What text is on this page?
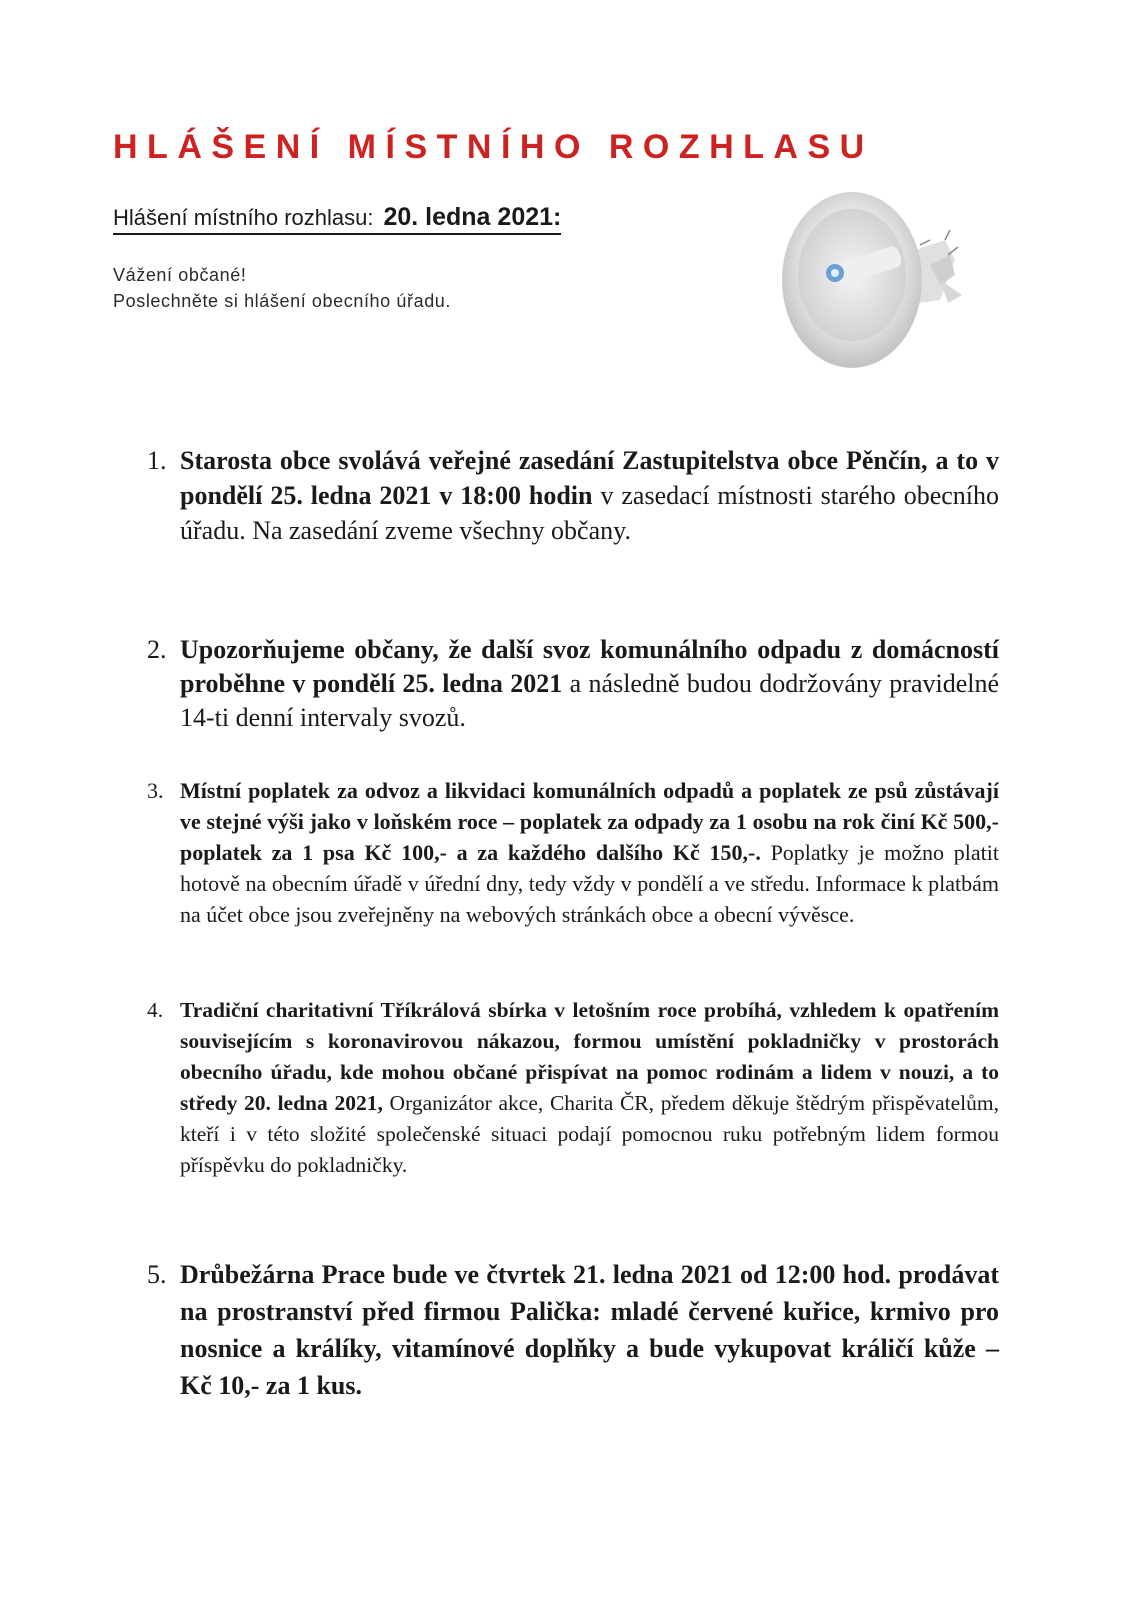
HLÁŠENÍ MÍSTNÍHO ROZHLASU
Hlášení místního rozhlasu: 20. ledna 2021:
Vážení občané!
Poslechněte si hlášení obecního úřadu.
1. Starosta obce svolává veřejné zasedání Zastupitelstva obce Pěnčín, a to v pondělí 25. ledna 2021 v 18:00 hodin v zasedací místnosti starého obecního úřadu. Na zasedání zveme všechny občany.
2. Upozorňujeme občany, že další svoz komunálního odpadu z domácností proběhne v pondělí 25. ledna 2021 a následně budou dodržovány pravidelné 14-ti denní intervaly svozů.
3. Místní poplatek za odvoz a likvidaci komunálních odpadů a poplatek ze psů zůstávají ve stejné výši jako v loňském roce – poplatek za odpady za 1 osobu na rok činí Kč 500,- poplatek za 1 psa Kč 100,- a za každého dalšího Kč 150,-. Poplatky je možno platit hotově na obecním úřadě v úřední dny, tedy vždy v pondělí a ve středu. Informace k platbám na účet obce jsou zveřejněny na webových stránkách obce a obecní vývěsce.
4. Tradiční charitativní Tříkrálová sbírka v letošním roce probíhá, vzhledem k opatřením souvisejícím s koronavirovou nákazou, formou umístění pokladničky v prostorách obecního úřadu, kde mohou občané přispívat na pomoc rodinám a lidem v nouzi, a to středy 20. ledna 2021, Organizátor akce, Charita ČR, předem děkuje štědrým přispěvatelům, kteří i v této složité společenské situaci podají pomocnou ruku potřebným lidem formou příspěvku do pokladničky.
5. Drůbežárna Prace bude ve čtvrtek 21. ledna 2021 od 12:00 hod. prodávat na prostranství před firmou Palička: mladé červené kuřice, krmivo pro nosnice a králíky, vitamínové doplňky a bude vykupovat králičí kůže – Kč 10,- za 1 kus.
